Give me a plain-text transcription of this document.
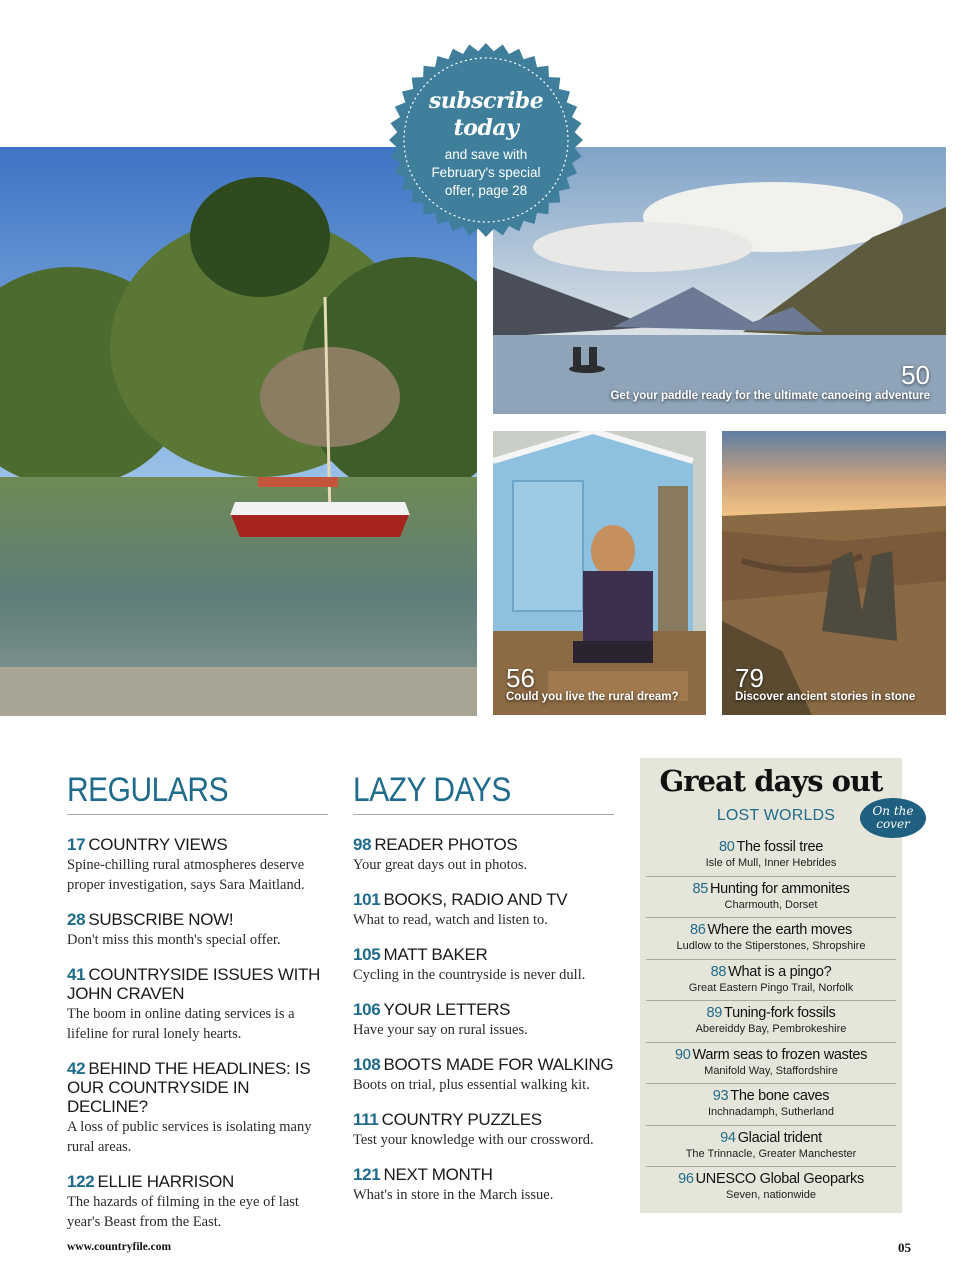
50
Get your paddle ready for the ultimate canoeing adventure
56
Could you live the rural dream?
79
Discover ancient stories in stone
subscribe
today
and save with
February's special
offer, page 28
REGULARS
17 COUNTRY VIEWS
Spine-chilling rural atmospheres deserve proper investigation, says Sara Maitland.
28 SUBSCRIBE NOW!
Don't miss this month's special offer.
41 COUNTRYSIDE ISSUES WITH JOHN CRAVEN
The boom in online dating services is a lifeline for rural lonely hearts.
42 BEHIND THE HEADLINES: IS OUR COUNTRYSIDE IN DECLINE?
A loss of public services is isolating many rural areas.
122 ELLIE HARRISON
The hazards of filming in the eye of last year's Beast from the East.
LAZY DAYS
98 READER PHOTOS
Your great days out in photos.
101 BOOKS, RADIO AND TV
What to read, watch and listen to.
105 MATT BAKER
Cycling in the countryside is never dull.
106 YOUR LETTERS
Have your say on rural issues.
108 BOOTS MADE FOR WALKING
Boots on trial, plus essential walking kit.
111 COUNTRY PUZZLES
Test your knowledge with our crossword.
121 NEXT MONTH
What's in store in the March issue.
Great days out
LOST WORLDS	On the
cover
80 The fossil tree
Isle of Mull, Inner Hebrides
85 Hunting for ammonites
Charmouth, Dorset
86 Where the earth moves
Ludlow to the Stiperstones, Shropshire
88 What is a pingo?
Great Eastern Pingo Trail, Norfolk
89 Tuning-fork fossils
Abereiddy Bay, Pembrokeshire
90 Warm seas to frozen wastes
Manifold Way, Staffordshire
93 The bone caves
Inchnadamph, Sutherland
94 Glacial trident
The Trinnacle, Greater Manchester
96 UNESCO Global Geoparks
Seven, nationwide
www.countryfile.com	05
